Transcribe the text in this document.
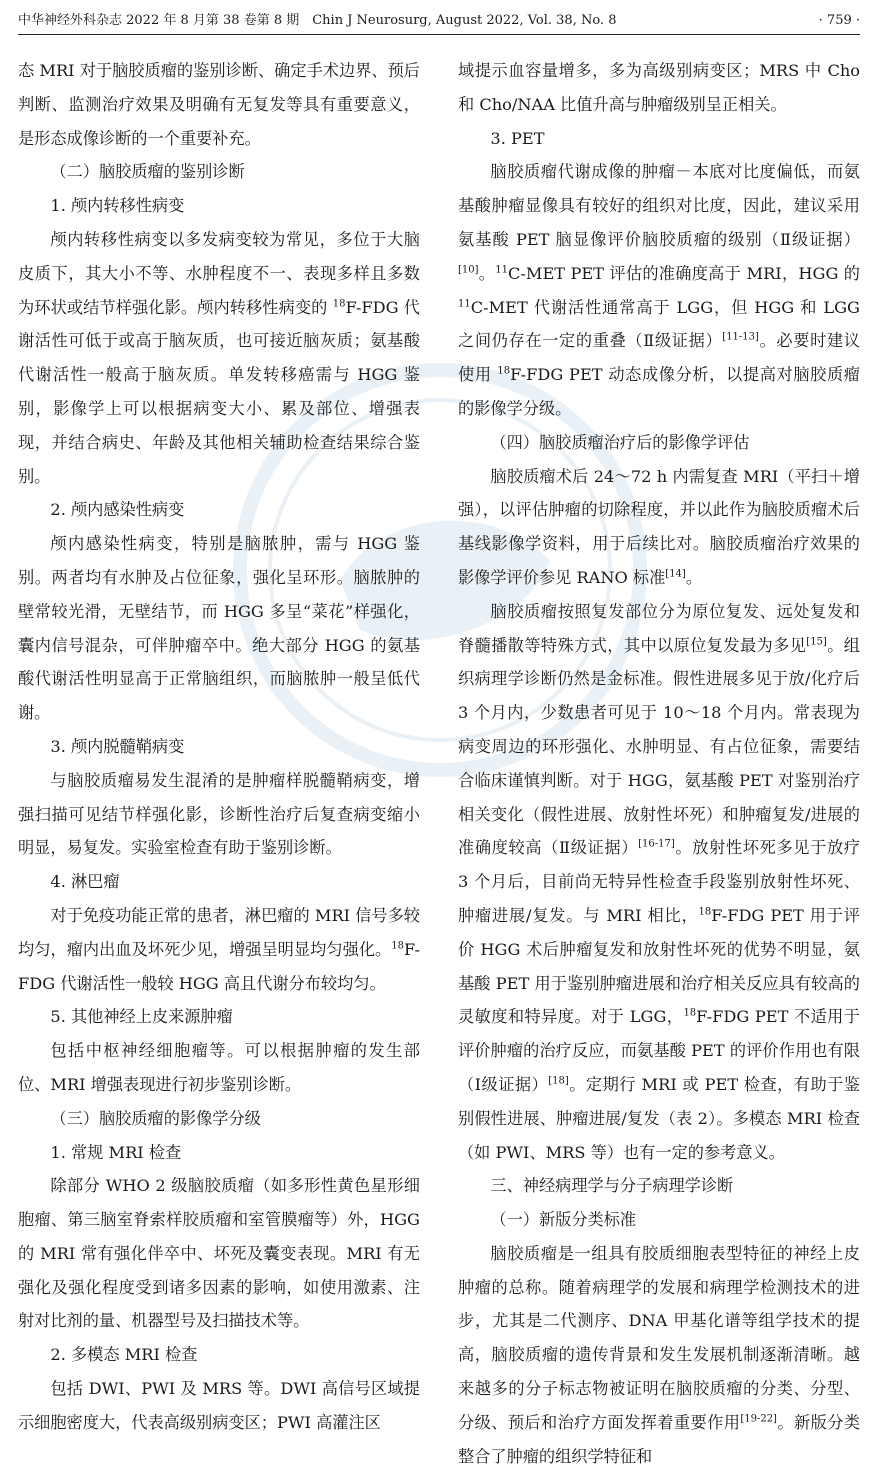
中华神经外科杂志 2022 年 8 月第 38 卷第 8 期　Chin J Neurosurg, August 2022, Vol. 38, No. 8	· 759 ·

态 MRI 对于脑胶质瘤的鉴别诊断、确定手术边界、预后判断、监测治疗效果及明确有无复发等具有重要意义，是形态成像诊断的一个重要补充。

（二）脑胶质瘤的鉴别诊断
1. 颅内转移性病变

颅内转移性病变以多发病变较为常见，多位于大脑皮质下，其大小不等、水肿程度不一、表现多样且多数为环状或结节样强化影。颅内转移性病变的 $^{18}$F-FDG 代谢活性可低于或高于脑灰质，也可接近脑灰质；氨基酸代谢活性一般高于脑灰质。单发转移癌需与 HGG 鉴别，影像学上可以根据病变大小、累及部位、增强表现，并结合病史、年龄及其他相关辅助检查结果综合鉴别。

2. 颅内感染性病变

颅内感染性病变，特别是脑脓肿，需与 HGG 鉴别。两者均有水肿及占位征象，强化呈环形。脑脓肿的壁常较光滑，无壁结节，而 HGG 多呈“菜花”样强化，囊内信号混杂，可伴肿瘤卒中。绝大部分 HGG 的氨基酸代谢活性明显高于正常脑组织，而脑脓肿一般呈低代谢。

3. 颅内脱髓鞘病变

与脑胶质瘤易发生混淆的是肿瘤样脱髓鞘病变，增强扫描可见结节样强化影，诊断性治疗后复查病变缩小明显，易复发。实验室检查有助于鉴别诊断。

4. 淋巴瘤

对于免疫功能正常的患者，淋巴瘤的 MRI 信号多较均匀，瘤内出血及坏死少见，增强呈明显均匀强化。$^{18}$F-FDG 代谢活性一般较 HGG 高且代谢分布较均匀。

5. 其他神经上皮来源肿瘤

包括中枢神经细胞瘤等。可以根据肿瘤的发生部位、MRI 增强表现进行初步鉴别诊断。

（三）脑胶质瘤的影像学分级
1. 常规 MRI 检查

除部分 WHO 2 级脑胶质瘤（如多形性黄色星形细胞瘤、第三脑室脊索样胶质瘤和室管膜瘤等）外，HGG 的 MRI 常有强化伴卒中、坏死及囊变表现。MRI 有无强化及强化程度受到诸多因素的影响，如使用激素、注射对比剂的量、机器型号及扫描技术等。

2. 多模态 MRI 检查

包括 DWI、PWI 及 MRS 等。DWI 高信号区域提示细胞密度大，代表高级别病变区；PWI 高灌注区

域提示血容量增多，多为高级别病变区；MRS 中 Cho 和 Cho/NAA 比值升高与肿瘤级别呈正相关。

3. PET

脑胶质瘤代谢成像的肿瘤－本底对比度偏低，而氨基酸肿瘤显像具有较好的组织对比度，因此，建议采用氨基酸 PET 脑显像评价脑胶质瘤的级别（Ⅱ级证据）[10]。$^{11}$C-MET PET 评估的准确度高于 MRI，HGG 的 $^{11}$C-MET 代谢活性通常高于 LGG，但 HGG 和 LGG 之间仍存在一定的重叠（Ⅱ级证据）[11-13]。必要时建议使用 $^{18}$F-FDG PET 动态成像分析，以提高对脑胶质瘤的影像学分级。

（四）脑胶质瘤治疗后的影像学评估

脑胶质瘤术后 24～72 h 内需复查 MRI（平扫＋增强），以评估肿瘤的切除程度，并以此作为脑胶质瘤术后基线影像学资料，用于后续比对。脑胶质瘤治疗效果的影像学评价参见 RANO 标准[14]。

脑胶质瘤按照复发部位分为原位复发、远处复发和脊髓播散等特殊方式，其中以原位复发最为多见[15]。组织病理学诊断仍然是金标准。假性进展多见于放/化疗后 3 个月内，少数患者可见于 10～18 个月内。常表现为病变周边的环形强化、水肿明显、有占位征象，需要结合临床谨慎判断。对于 HGG，氨基酸 PET 对鉴别治疗相关变化（假性进展、放射性坏死）和肿瘤复发/进展的准确度较高（Ⅱ级证据）[16-17]。放射性坏死多见于放疗 3 个月后，目前尚无特异性检查手段鉴别放射性坏死、肿瘤进展/复发。与 MRI 相比，$^{18}$F-FDG PET 用于评价 HGG 术后肿瘤复发和放射性坏死的优势不明显，氨基酸 PET 用于鉴别肿瘤进展和治疗相关反应具有较高的灵敏度和特异度。对于 LGG，$^{18}$F-FDG PET 不适用于评价肿瘤的治疗反应，而氨基酸 PET 的评价作用也有限（Ⅰ级证据）[18]。定期行 MRI 或 PET 检查，有助于鉴别假性进展、肿瘤进展/复发（表 2）。多模态 MRI 检查（如 PWI、MRS 等）也有一定的参考意义。

三、神经病理学与分子病理学诊断
（一）新版分类标准

脑胶质瘤是一组具有胶质细胞表型特征的神经上皮肿瘤的总称。随着病理学的发展和病理学检测技术的进步，尤其是二代测序、DNA 甲基化谱等组学技术的提高，脑胶质瘤的遗传背景和发生发展机制逐渐清晰。越来越多的分子标志物被证明在脑胶质瘤的分类、分型、分级、预后和治疗方面发挥着重要作用[19-22]。新版分类整合了肿瘤的组织学特征和
